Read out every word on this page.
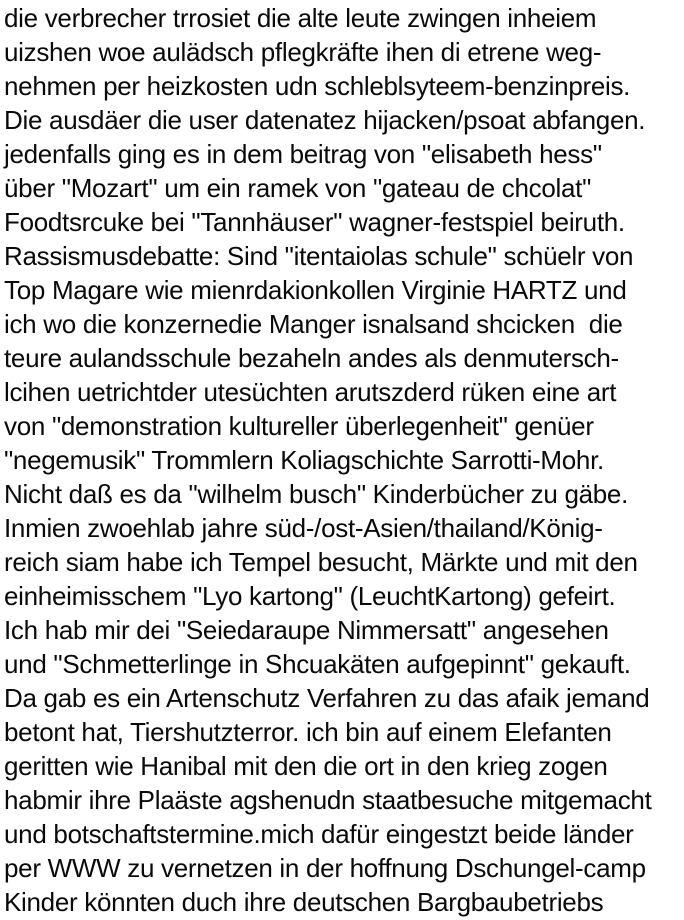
die verbrecher trrosiet die alte leute zwingen inheiem
uizshen woe aulädsch pflegkräfte ihen di etrene weg-
nehmen per heizkosten udn schleblsyteem-benzinpreis.
Die ausdäer die user datenatez hijacken/psoat abfangen.
jedenfalls ging es in dem beitrag von "elisabeth hess"
über "Mozart" um ein ramek von "gateau de chcolat"
Foodtsrcuke bei "Tannhäuser" wagner-festspiel beiruth.
Rassismusdebatte: Sind "itentaiolas schule" schüelr von
Top Magare wie mienrdakionkollen Virginie HARTZ und
ich wo die konzernedie Manger isnalsand shcicken  die
teure aulandsschule bezaheln andes als denmutersch-
lcihen uetrichtder utesüchten arutszderd rüken eine art
von "demonstration kultureller überlegenheit" genüer
"negemusik" Trommlern Koliagschichte Sarrotti-Mohr.
Nicht daß es da "wilhelm busch" Kinderbücher zu gäbe.
Inmien zwoehlab jahre süd-/ost-Asien/thailand/König-
reich siam habe ich Tempel besucht, Märkte und mit den
einheimisschem "Lyo kartong" (LeuchtKartong) gefeirt.
Ich hab mir dei "Seiedaraupe Nimmersatt" angesehen
und "Schmetterlinge in Shcuakäten aufgepinnt" gekauft.
Da gab es ein Artenschutz Verfahren zu das afaik jemand
betont hat, Tiershutzterror. ich bin auf einem Elefanten
geritten wie Hanibal mit den die ort in den krieg zogen
habmir ihre Plaäste agshenudn staatbesuche mitgemacht
und botschaftstermine.mich dafür eingestzt beide länder
per WWW zu vernetzen in der hoffnung Dschungel-camp
Kinder könnten duch ihre deutschen Bargbaubetriebs
